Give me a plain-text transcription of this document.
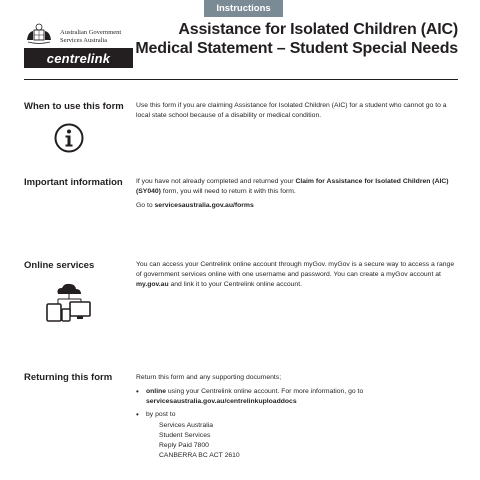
Instructions
Australian Government
Services Australia
centrelink
Assistance for Isolated Children (AIC)
Medical Statement – Student Special Needs
When to use this form Use this form if you are claiming Assistance for Isolated Children (AIC) for a student who cannot go to a local state school because of a disability or medical condition.

Important information If you have not already completed and returned your Claim for Assistance for Isolated Children (AIC) (SY040) form, you will need to return it with this form.

Go to servicesaustralia.gov.au/forms

Online services	You can access your Centrelink online account through myGov. myGov is a secure way to access a range of government services online with one username and password. You can create a myGov account at my.gov.au and link it to your Centrelink online account.

Returning this form	Return this form and any supporting documents;

• online using your Centrelink online account. For more information, go to servicesaustralia.gov.au/centrelinkuploaddocs
• by post to
Services Australia
Student Services
Reply Paid 7800
CANBERRA BC ACT 2610
